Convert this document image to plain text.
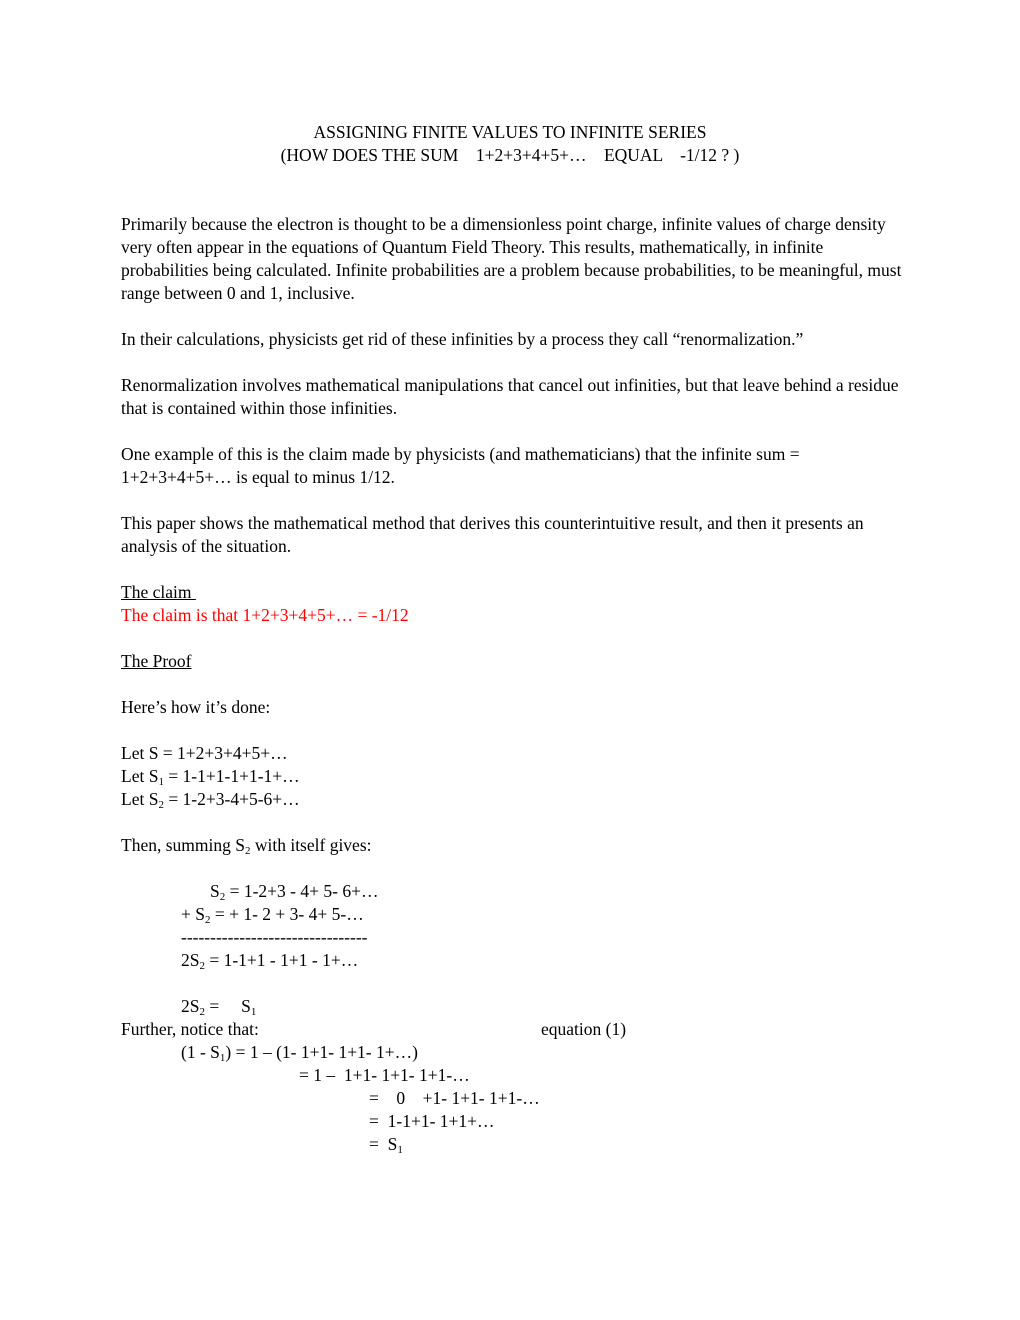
ASSIGNING FINITE VALUES TO INFINITE SERIES
(HOW DOES THE SUM    1+2+3+4+5+…    EQUAL    -1/12 ? )

Primarily because the electron is thought to be a dimensionless point charge, infinite values of charge density very often appear in the equations of Quantum Field Theory. This results, mathematically, in infinite probabilities being calculated. Infinite probabilities are a problem because probabilities, to be meaningful, must range between 0 and 1, inclusive.

In their calculations, physicists get rid of these infinities by a process they call “renormalization.”

Renormalization involves mathematical manipulations that cancel out infinities, but that leave behind a residue that is contained within those infinities.

One example of this is the claim made by physicists (and mathematicians) that the infinite sum = 1+2+3+4+5+… is equal to minus 1/12.

This paper shows the mathematical method that derives this counterintuitive result, and then it presents an analysis of the situation.

The claim
The claim is that 1+2+3+4+5+… = -1/12
The Proof
Here’s how it’s done:
Let S = 1+2+3+4+5+…
Let $S_1$ = 1-1+1-1+1-1+…
Let $S_2$ = 1-2+3-4+5-6+…
Then, summing $S_2$ with itself gives:
$S_2 = 1-2+3 - 4+ 5-$ 6+…
+ $S_2$ = + 1- 2 + 3- 4+ 5-…
--------------------------------
$2S_2 = 1-1+1 - 1+1$ - 1+…

$2S_2$ =     $S_1$

equation (1)

Further, notice that:
$(1 - S_1) = 1 - (1-$ 1+1- 1+1- 1+…)
= 1 –  1+1- 1+1- 1+1-…
=    0    +1- 1+1- 1+1-…
=  1-1+1- 1+1+…
=  $S_1$
